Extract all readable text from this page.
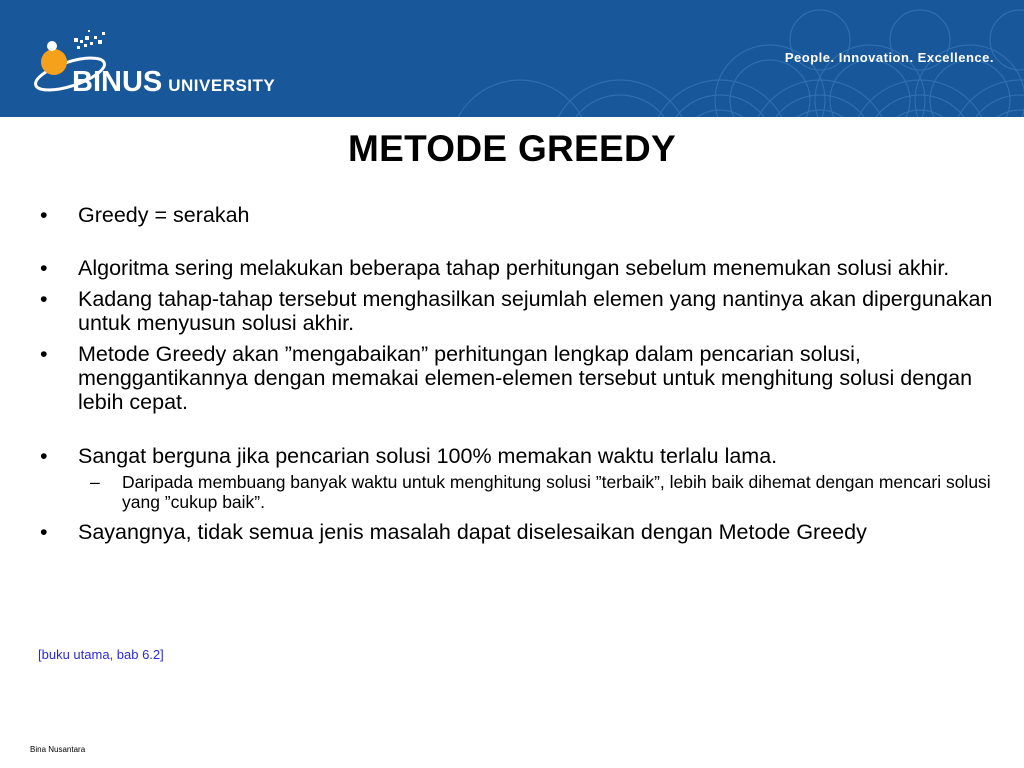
BINUS UNIVERSITY
People. Innovation. Excellence.
METODE GREEDY
• Greedy = serakah
• Algoritma sering melakukan beberapa tahap perhitungan sebelum menemukan solusi akhir.
• Kadang tahap-tahap tersebut menghasilkan sejumlah elemen yang nantinya akan dipergunakan untuk menyusun solusi akhir.
• Metode Greedy akan ”mengabaikan” perhitungan lengkap dalam pencarian solusi, menggantikannya dengan memakai elemen-elemen tersebut untuk menghitung solusi dengan lebih cepat.
• Sangat berguna jika pencarian solusi 100% memakan waktu terlalu lama.
– Daripada membuang banyak waktu untuk menghitung solusi ”terbaik”, lebih baik dihemat dengan mencari solusi yang ”cukup baik”.
• Sayangnya, tidak semua jenis masalah dapat diselesaikan dengan Metode Greedy
[buku utama, bab 6.2]
Bina Nusantara
